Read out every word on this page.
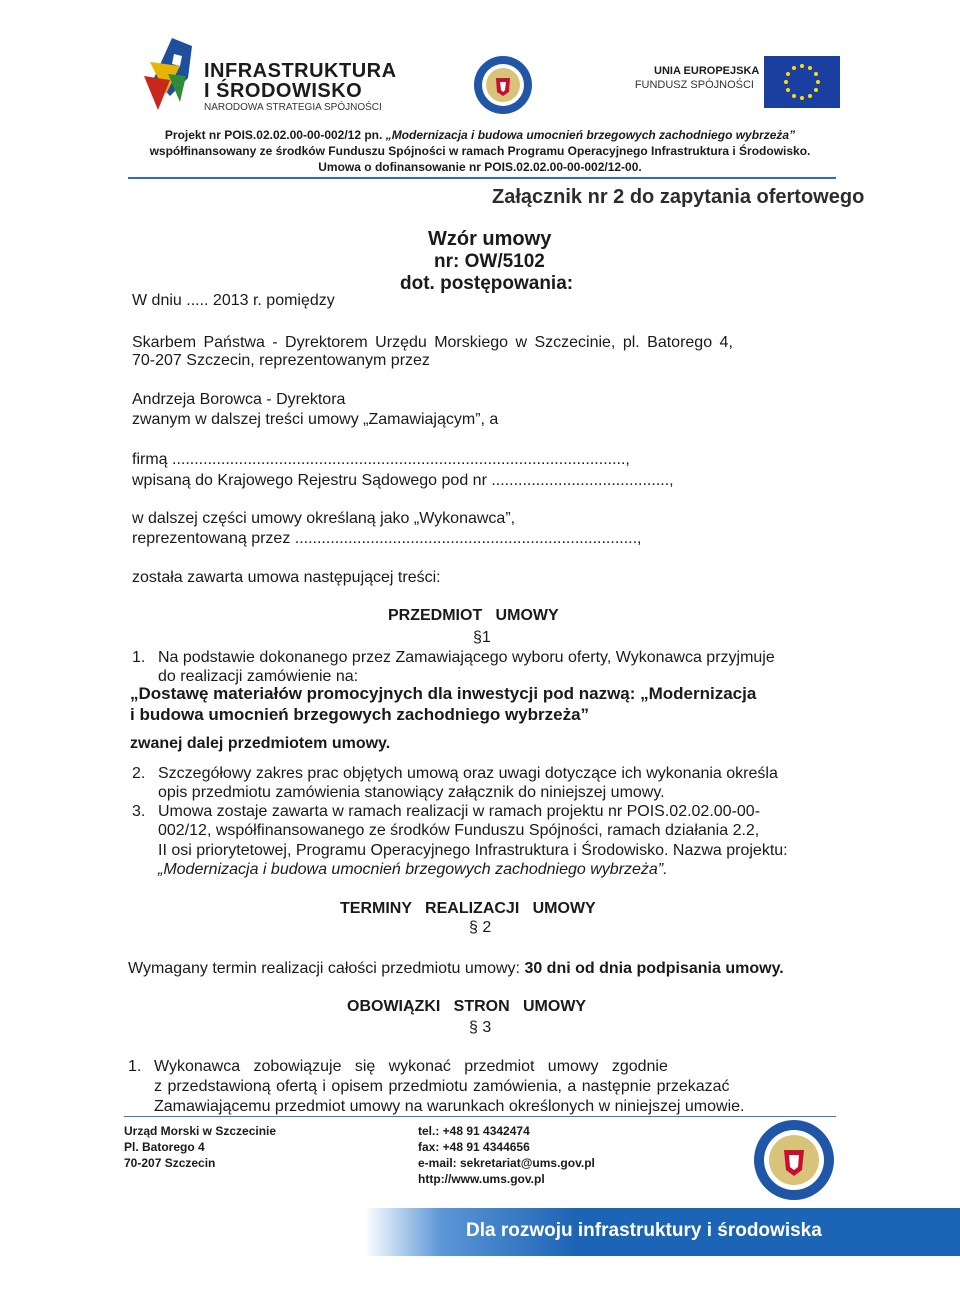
INFRASTRUKTURA
I ŚRODOWISKO
NARODOWA STRATEGIA SPÓJNOŚCI
UNIA EUROPEJSKA
FUNDUSZ SPÓJNOŚCI
Projekt nr POIS.02.02.00-00-002/12 pn. „Modernizacja i budowa umocnień brzegowych zachodniego wybrzeża”
współfinansowany ze środków Funduszu Spójności w ramach Programu Operacyjnego Infrastruktura i Środowisko.
Umowa o dofinansowanie nr POIS.02.02.00-00-002/12-00.
Załącznik nr 2 do zapytania ofertowego
Wzór umowy
nr: OW/5102
dot. postępowania:
W dniu ..... 2013 r. pomiędzy
Skarbem Państwa - Dyrektorem Urzędu Morskiego w Szczecinie, pl. Batorego 4,
70-207 Szczecin, reprezentowanym przez
Andrzeja Borowca - Dyrektora
zwanym w dalszej treści umowy „Zamawiającym”, a
firmą ......................................................................................................,
wpisaną do Krajowego Rejestru Sądowego pod nr ........................................,
w dalszej części umowy określaną jako „Wykonawca”,
reprezentowaną przez .............................................................................,
została zawarta umowa następującej treści:
PRZEDMIOT   UMOWY
§1
1. Na podstawie dokonanego przez Zamawiającego wyboru oferty, Wykonawca przyjmuje
do realizacji zamówienie na:
„Dostawę materiałów promocyjnych dla inwestycji pod nazwą: „Modernizacja
i budowa umocnień brzegowych zachodniego wybrzeża”
zwanej dalej przedmiotem umowy.
2. Szczegółowy zakres prac objętych umową oraz uwagi dotyczące ich wykonania określa
opis przedmiotu zamówienia stanowiący załącznik do niniejszej umowy.
3. Umowa zostaje zawarta w ramach realizacji w ramach projektu nr POIS.02.02.00-00-
002/12, współfinansowanego ze środków Funduszu Spójności, ramach działania 2.2,
II osi priorytetowej, Programu Operacyjnego Infrastruktura i Środowisko. Nazwa projektu:
„Modernizacja i budowa umocnień brzegowych zachodniego wybrzeża”.
TERMINY   REALIZACJI   UMOWY
§ 2
Wymagany termin realizacji całości przedmiotu umowy: 30 dni od dnia podpisania umowy.
OBOWIĄZKI   STRON   UMOWY
§ 3
1. Wykonawca   zobowiązuje   się   wykonać   przedmiot   umowy   zgodnie
z przedstawioną ofertą i opisem przedmiotu zamówienia, a następnie przekazać
Zamawiającemu przedmiot umowy na warunkach określonych w niniejszej umowie.
Urząd Morski w Szczecinie
Pl. Batorego 4
70-207 Szczecin
tel.: +48 91 4342474
fax: +48 91 4344656
e-mail: sekretariat@ums.gov.pl
http://www.ums.gov.pl
Dla rozwoju infrastruktury i środowiska
